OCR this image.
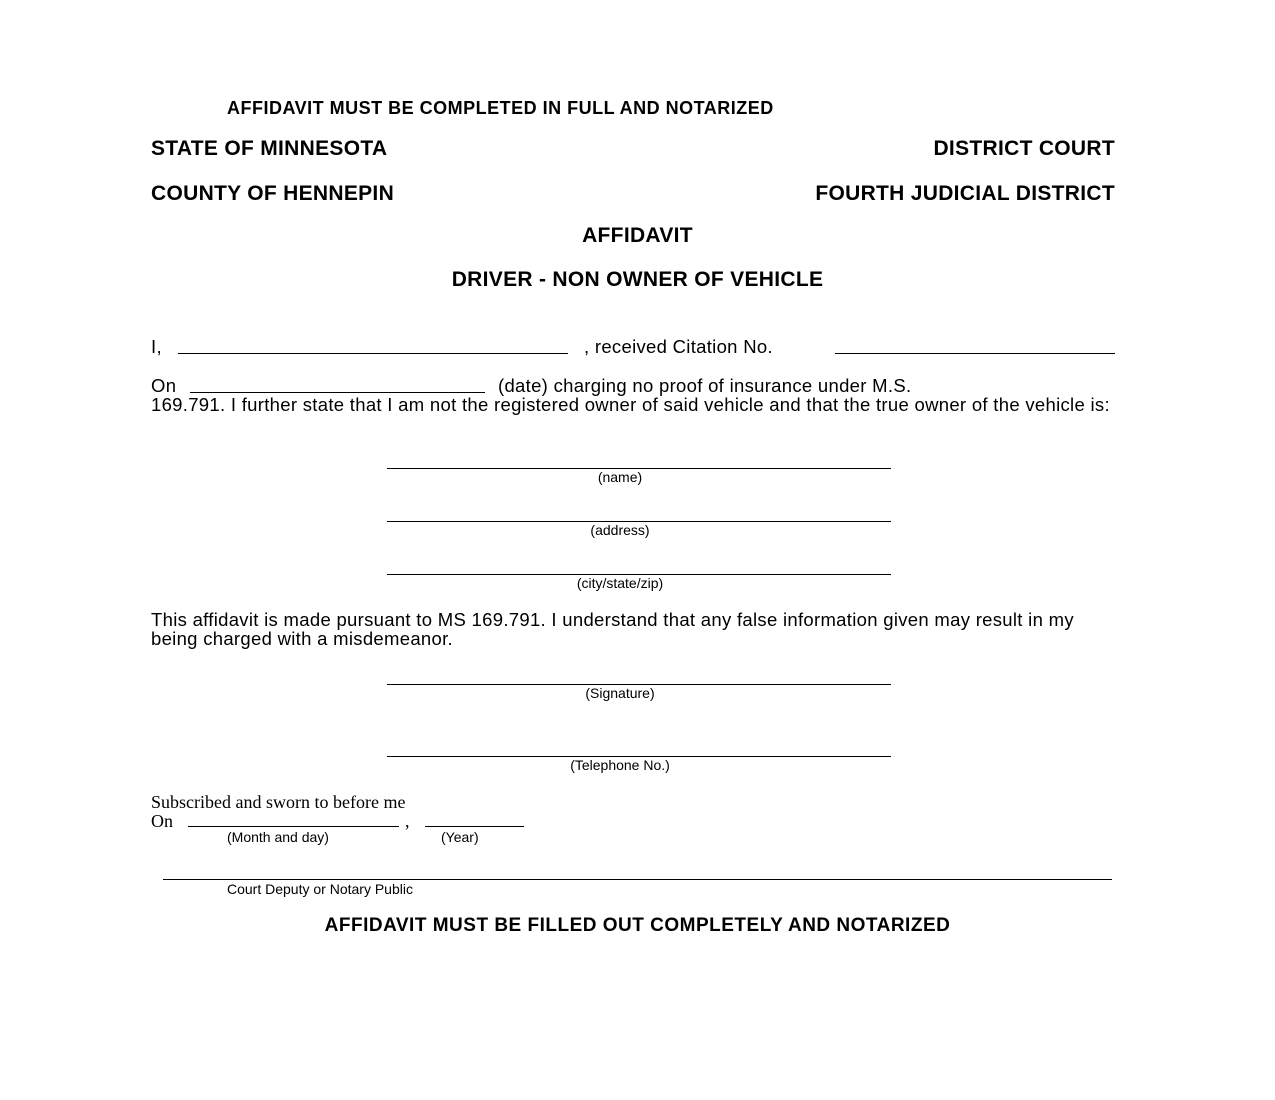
AFFIDAVIT MUST BE COMPLETED IN FULL AND NOTARIZED
STATE OF MINNESOTA	DISTRICT COURT
COUNTY OF HENNEPIN	FOURTH JUDICIAL DISTRICT
AFFIDAVIT
DRIVER - NON OWNER OF VEHICLE
I,	, received Citation No.
On	(date) charging no proof of insurance under M.S.
169.791. I further state that I am not the registered owner of said vehicle and that the true owner of the vehicle is:
(name)
(address)
(city/state/zip)
This affidavit is made pursuant to MS 169.791. I understand that any false information given may result in my being charged with a misdemeanor.
(Signature)
(Telephone No.)
Subscribed and sworn to before me
On	,
(Month and day)	(Year)
Court Deputy or Notary Public
AFFIDAVIT MUST BE FILLED OUT COMPLETELY AND NOTARIZED
